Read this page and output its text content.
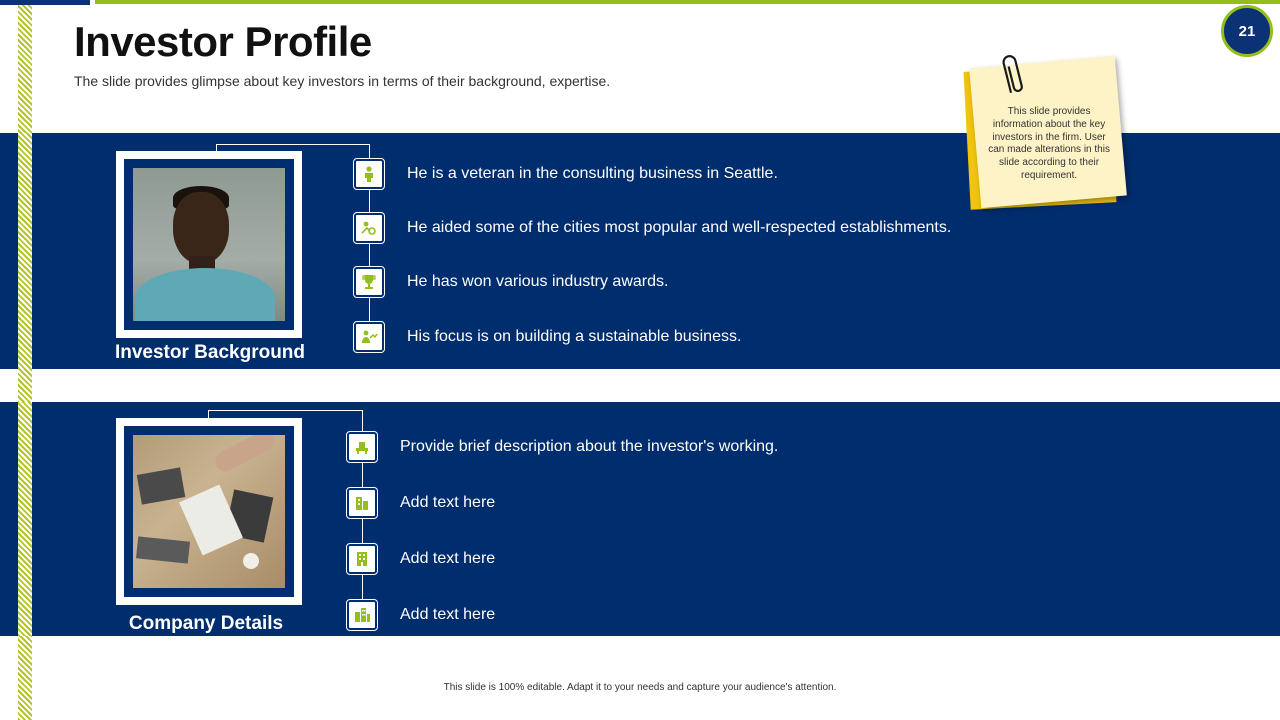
21
Investor Profile

The slide provides glimpse about key investors in terms of their background, expertise.

Investor Background
He is a veteran in the consulting business in Seattle.
He aided some of the cities most popular and well-respected establishments.
He has won various industry awards.
His focus is on building a sustainable business.
Company Details
Provide brief description about the investor's working.
Add text here
Add text here
Add text here

This slide provides information about the key investors in the firm. User can made alterations in this slide according to their requirement.

This slide is 100% editable. Adapt it to your needs and capture your audience's attention.
